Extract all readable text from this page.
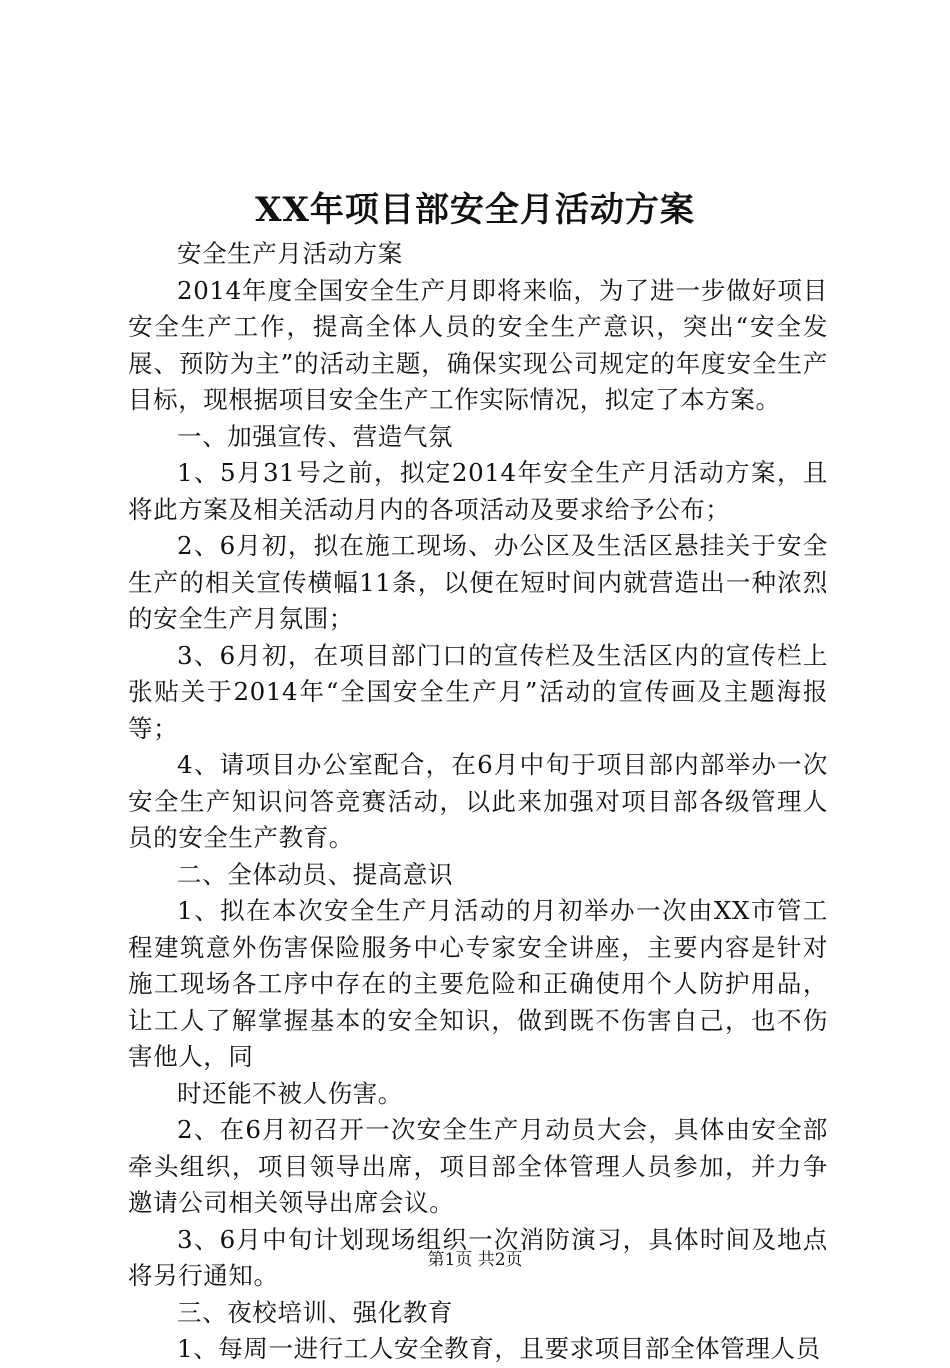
XX年项目部安全月活动方案

安全生产月活动方案

2014年度全国安全生产月即将来临，为了进一步做好项目安全生产工作，提高全体人员的安全生产意识，突出“安全发展、预防为主”的活动主题，确保实现公司规定的年度安全生产目标，现根据项目安全生产工作实际情况，拟定了本方案。

一、加强宣传、营造气氛

1、5月31号之前，拟定2014年安全生产月活动方案，且将此方案及相关活动月内的各项活动及要求给予公布；

2、6月初，拟在施工现场、办公区及生活区悬挂关于安全生产的相关宣传横幅11条，以便在短时间内就营造出一种浓烈的安全生产月氛围；

3、6月初，在项目部门口的宣传栏及生活区内的宣传栏上张贴关于2014年“全国安全生产月”活动的宣传画及主题海报等；

4、请项目办公室配合，在6月中旬于项目部内部举办一次安全生产知识问答竞赛活动，以此来加强对项目部各级管理人员的安全生产教育。

二、全体动员、提高意识

1、拟在本次安全生产月活动的月初举办一次由XX市管工程建筑意外伤害保险服务中心专家安全讲座，主要内容是针对施工现场各工序中存在的主要危险和正确使用个人防护用品，让工人了解掌握基本的安全知识，做到既不伤害自己，也不伤害他人，同

时还能不被人伤害。

2、在6月初召开一次安全生产月动员大会，具体由安全部牵头组织，项目领导出席，项目部全体管理人员参加，并力争邀请公司相关领导出席会议。

3、6月中旬计划现场组织一次消防演习，具体时间及地点将另行通知。

三、夜校培训、强化教育

1、每周一进行工人安全教育，且要求项目部全体管理人员

第1页 共2页
